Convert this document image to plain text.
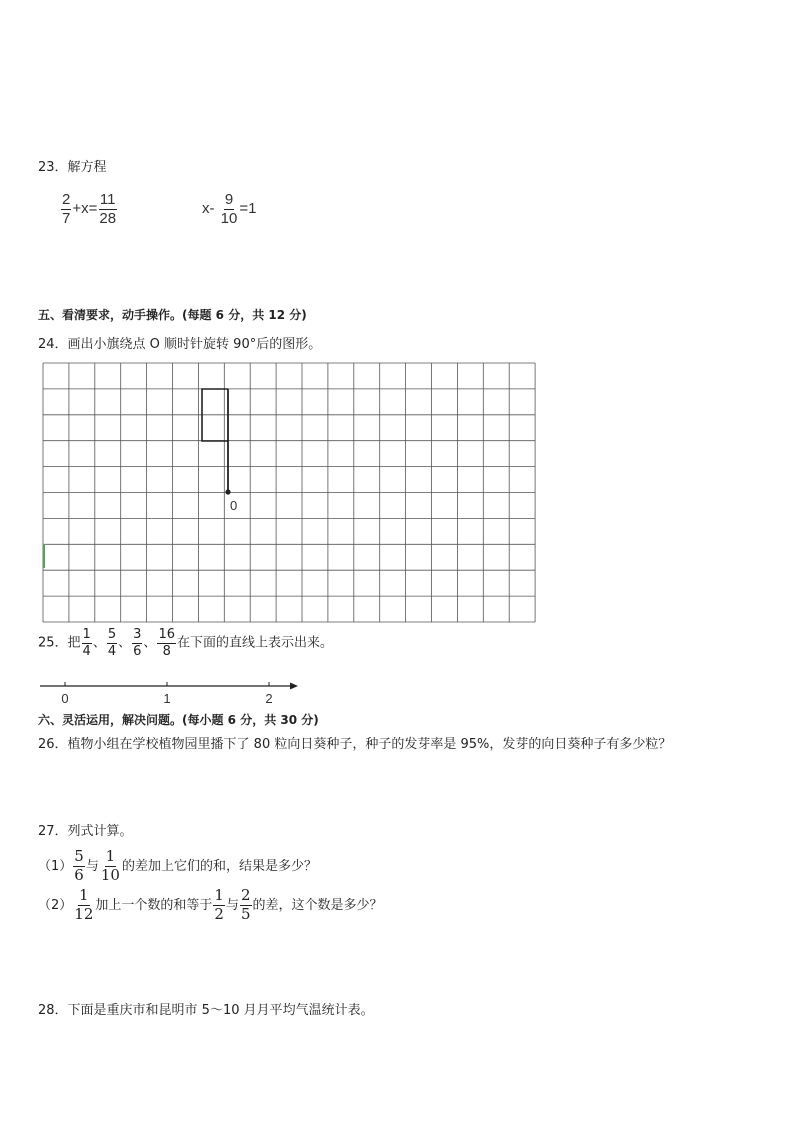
23．解方程
$\frac{2}{7} +x= \frac{11}{28}$	$x- \frac{9}{10} =1$
五、看清要求，动手操作。(每题 6 分，共 12 分)
24．画出小旗绕点 O 顺时针旋转 90°后的图形。
0
25．把 $\frac{1}{4}$ 、 $\frac{5}{4}$ 、 $\frac{3}{6}$ 、 $\frac{16}{8}$ 在下面的直线上表示出来。
0	1	2
六、灵活运用，解决问题。(每小题 6 分，共 30 分)
26．植物小组在学校植物园里播下了 80 粒向日葵种子，种子的发芽率是 95%，发芽的向日葵种子有多少粒？
27．列式计算。
$(1) \frac{5}{6}$ 与 $\frac{1}{10}$ 的差加上它们的和，结果是多少？
$(2) \frac{1}{12}$ 加上一个数的和等于 $\frac{1}{2}$ 与 $\frac{2}{5}$ 的差，这个数是多少？
28．下面是重庆市和昆明市 5～10 月月平均气温统计表。
